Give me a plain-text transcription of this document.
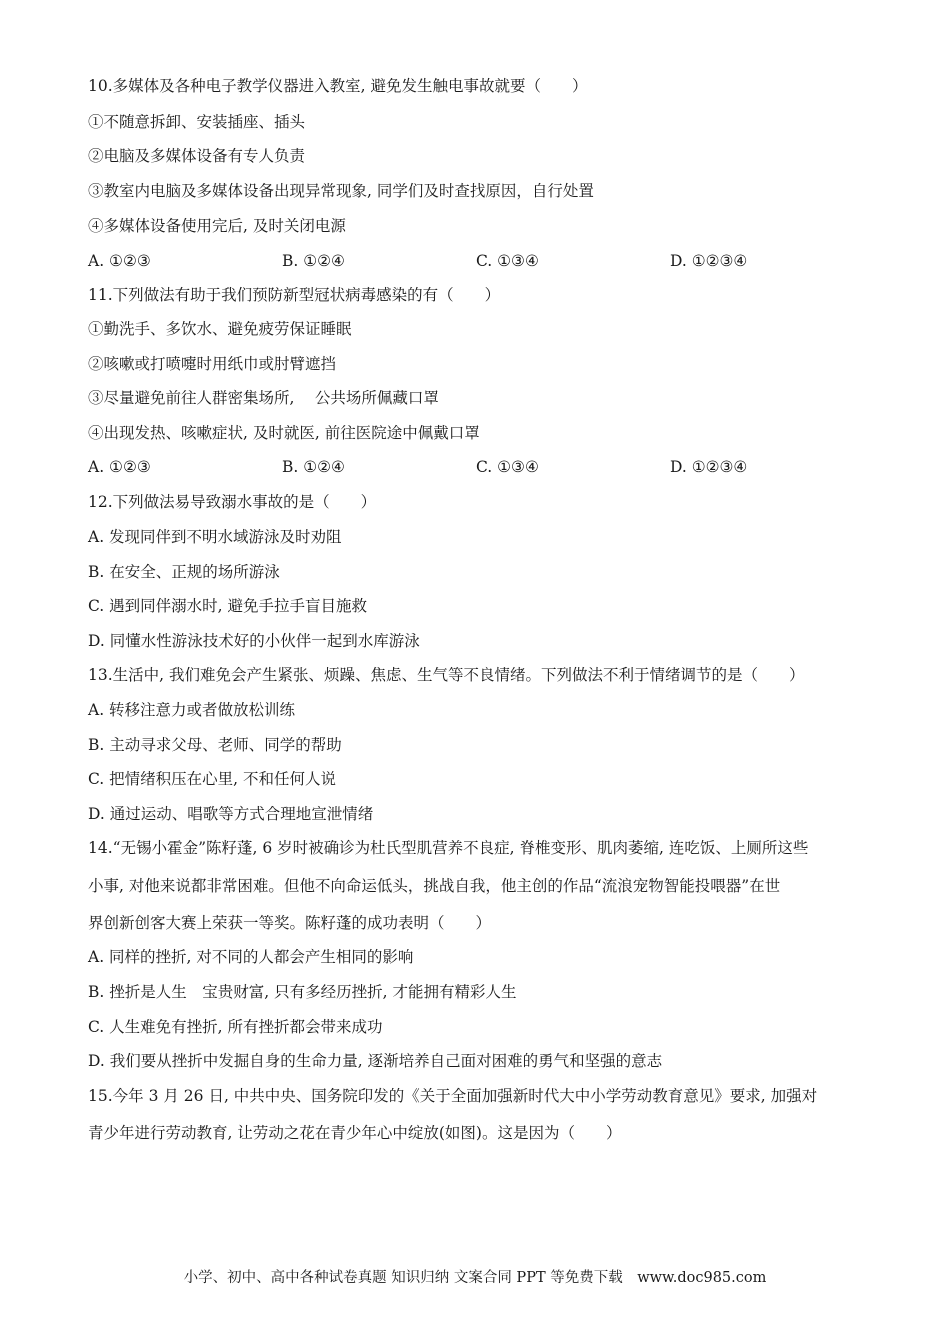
10.多媒体及各种电子教学仪器进入教室, 避免发生触电事故就要（　　）
①不随意拆卸、安装插座、插头
②电脑及多媒体设备有专人负责
③教室内电脑及多媒体设备出现异常现象, 同学们及时查找原因，自行处置
④多媒体设备使用完后, 及时关闭电源
A. ①②③	B. ①②④	C. ①③④	D. ①②③④
11.下列做法有助于我们预防新型冠状病毒感染的有（　　）
①勤洗手、多饮水、避免疲劳保证睡眠
②咳嗽或打喷嚏时用纸巾或肘臂遮挡
③尽量避免前往人群密集场所,　 公共场所佩藏口罩
④出现发热、咳嗽症状, 及时就医, 前往医院途中佩戴口罩
A. ①②③	B. ①②④	C. ①③④	D. ①②③④
12.下列做法易导致溺水事故的是（　　）
A. 发现同伴到不明水域游泳及时劝阻
B. 在安全、正规的场所游泳
C. 遇到同伴溺水时, 避免手拉手盲目施救
D. 同懂水性游泳技术好的小伙伴一起到水库游泳
13.生活中, 我们难免会产生紧张、烦躁、焦虑、生气等不良情绪。下列做法不利于情绪调节的是（　　）
A. 转移注意力或者做放松训练
B. 主动寻求父母、老师、同学的帮助
C. 把情绪积压在心里, 不和任何人说
D. 通过运动、唱歌等方式合理地宣泄情绪
14.“无锡小霍金”陈籽蓬, 6 岁时被确诊为杜氏型肌营养不良症, 脊椎变形、肌肉萎缩, 连吃饭、上厕所这些
小事, 对他来说都非常困难。但他不向命运低头，挑战自我，他主创的作品“流浪宠物智能投喂器”在世
界创新创客大赛上荣获一等奖。陈籽蓬的成功表明（　　）
A. 同样的挫折, 对不同的人都会产生相同的影响
B. 挫折是人生　宝贵财富, 只有多经历挫折, 才能拥有精彩人生
C. 人生难免有挫折, 所有挫折都会带来成功
D. 我们要从挫折中发掘自身的生命力量, 逐渐培养自己面对困难的勇气和坚强的意志
15.今年 3 月 26 日, 中共中央、国务院印发的《关于全面加强新时代大中小学劳动教育意见》要求, 加强对
青少年进行劳动教育, 让劳动之花在青少年心中绽放(如图)。这是因为（　　）
小学、初中、高中各种试卷真题 知识归纳 文案合同 PPT 等免费下载　www.doc985.com
